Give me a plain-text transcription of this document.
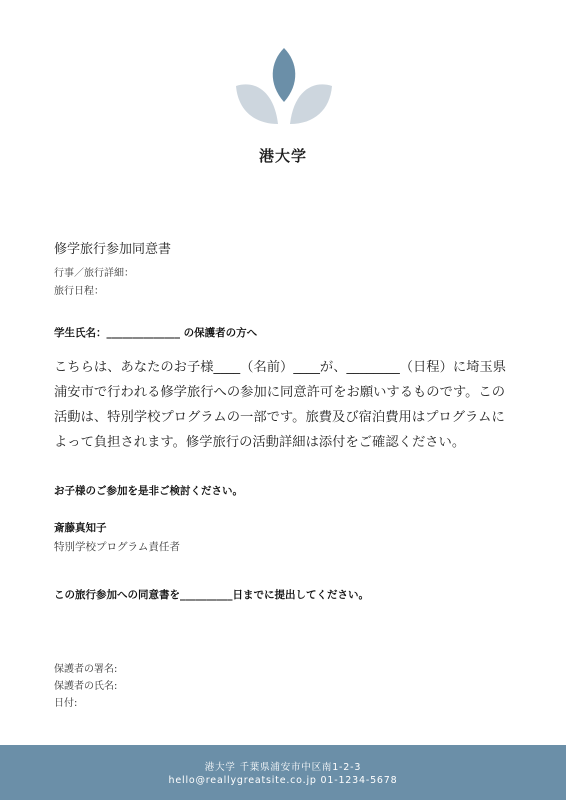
港大学
修学旅行参加同意書
行事／旅行詳細：
旅行日程：
学生氏名：______________ の保護者の方へ
こちらは、あなたのお子様____（名前）____が、________（日程）に埼玉県浦安市で行われる修学旅行への参加に同意許可をお願いするものです。この活動は、特別学校プログラムの一部です。旅費及び宿泊費用はプログラムによって負担されます。修学旅行の活動詳細は添付をご確認ください。
お子様のご参加を是非ご検討ください。
斎藤真知子
特別学校プログラム責任者
この旅行参加への同意書を__________日までに提出してください。
保護者の署名:
保護者の氏名:
日付:
港大学 千葉県浦安市中区南1-2-3
hello@reallygreatsite.co.jp 01-1234-5678
